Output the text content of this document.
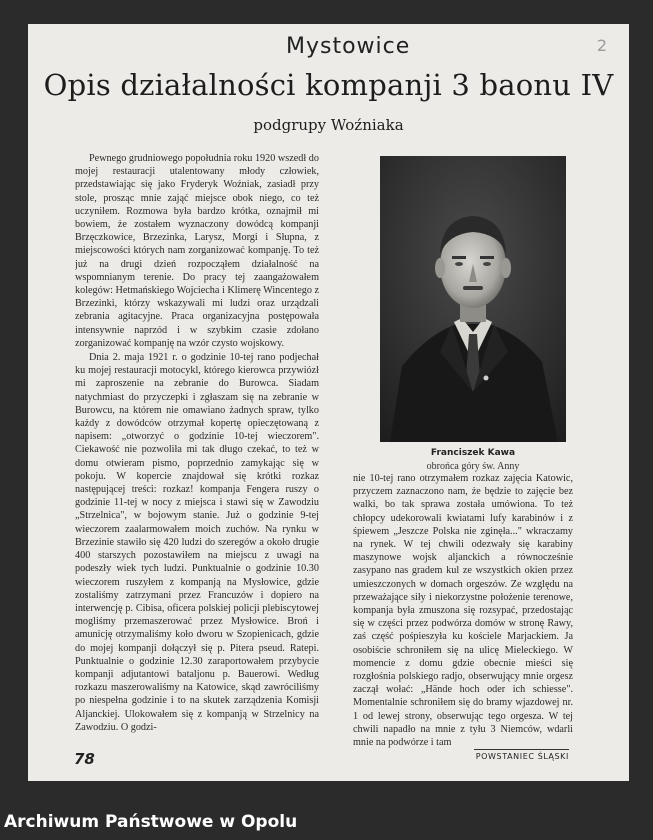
Mystowice	2
Opis działalności kompanji 3 baonu IV
podgrupy Woźniaka

Pewnego grudniowego popołudnia roku 1920 wszedł do mojej restauracji utalentowany młody człowiek, przedstawiając się jako Fryderyk Woźniak, zasiadł przy stole, prosząc mnie zająć miejsce obok niego, co też uczyniłem. Rozmowa była bardzo krótka, oznajmił mi bowiem, że zostałem wyznaczony dowódcą kompanji Brzęczkowice, Brzezinka, Larysz, Morgi i Słupna, z miejscowości których nam zorganizować kompanję. To też już na drugi dzień rozpocząłem działalność na wspomnianym terenie. Do pracy tej zaangażowałem kolegów: Hetmańskiego Wojciecha i Klimerę Wincentego z Brzezinki, którzy wskazywali mi ludzi oraz urządzali zebrania agitacyjne. Praca organizacyjna postępowała intensywnie naprzód i w szybkim czasie zdołano zorganizować kompanję na wzór czysto wojskowy.

Dnia 2. maja 1921 r. o godzinie 10-tej rano podjechał ku mojej restauracji motocykl, którego kierowca przywiózł mi zaproszenie na zebranie do Burowca. Siadam natychmiast do przyczepki i zgłaszam się na zebranie w Burowcu, na którem nie omawiano żadnych spraw, tylko każdy z dowódców otrzymał kopertę opieczętowaną z napisem: „otworzyć o godzinie 10-tej wieczorem". Ciekawość nie pozwoliła mi tak długo czekać, to też w domu otwieram pismo, poprzednio zamykając się w pokoju. W kopercie znajdował się krótki rozkaz następującej treści: rozkaz! kompanja Fengera ruszy o godzinie 11-tej w nocy z miejsca i stawi się w Zawodziu „Strzelnica", w bojowym stanie. Już o godzinie 9-tej wieczorem zaalarmowałem moich zuchów. Na rynku w Brzezinie stawiło się 420 ludzi do szeregów a około drugie 400 starszych pozostawiłem na miejscu z uwagi na podeszły wiek tych ludzi. Punktualnie o godzinie 10.30 wieczorem ruszyłem z kompanją na Mysłowice, gdzie zostaliśmy zatrzymani przez Francuzów i dopiero na interwencję p. Cibisa, oficera polskiej policji plebiscytowej mogliśmy przemaszerować przez Mysłowice. Broń i amunicję otrzymaliśmy koło dworu w Szopienicach, gdzie do mojej kompanji dołączył się p. Pitera pseud. Ratepi. Punktualnie o godzinie 12.30 zaraportowałem przybycie kompanji adjutantowi bataljonu p. Bauerowi. Według rozkazu maszerowaliśmy na Katowice, skąd zawróciliśmy po niespełna godzinie i to na skutek zarządzenia Komisji Aljanckiej. Ulokowałem się z kompanją w Strzelnicy na Zawodziu. O godzi-

Franciszek Kawa
obrońca góry św. Anny

nie 10-tej rano otrzymałem rozkaz zajęcia Katowic, przyczem zaznaczono nam, że będzie to zajęcie bez walki, bo tak sprawa została umówiona. To też chłopcy udekorowali kwiatami lufy karabinów i z śpiewem „Jeszcze Polska nie zginęła..." wkraczamy na rynek. W tej chwili odezwały się karabiny maszynowe wojsk aljanckich a równocześnie zasypano nas gradem kul ze wszystkich okien przez umieszczonych w domach orgeszów. Ze względu na przeważające siły i niekorzystne położenie terenowe, kompanja była zmuszona się rozsypać, przedostając się w części przez podwórza domów w stronę Rawy, zaś część pośpieszyła ku kościele Marjackiem. Ja osobiście schroniłem się na ulicę Mieleckiego. W momencie z domu gdzie obecnie mieści się rozgłośnia polskiego radjo, obserwujący mnie orgesz zaczął wołać: „Hände hoch oder ich schiesse". Momentalnie schroniłem się do bramy wjazdowej nr. 1 od lewej strony, obserwując tego orgesza. W tej chwili napadło na mnie z tyłu 3 Niemców, wdarli mnie na podwórze i tam

78	POWSTANIEC ŚLĄSKI
Archiwum Państwowe w Opolu
